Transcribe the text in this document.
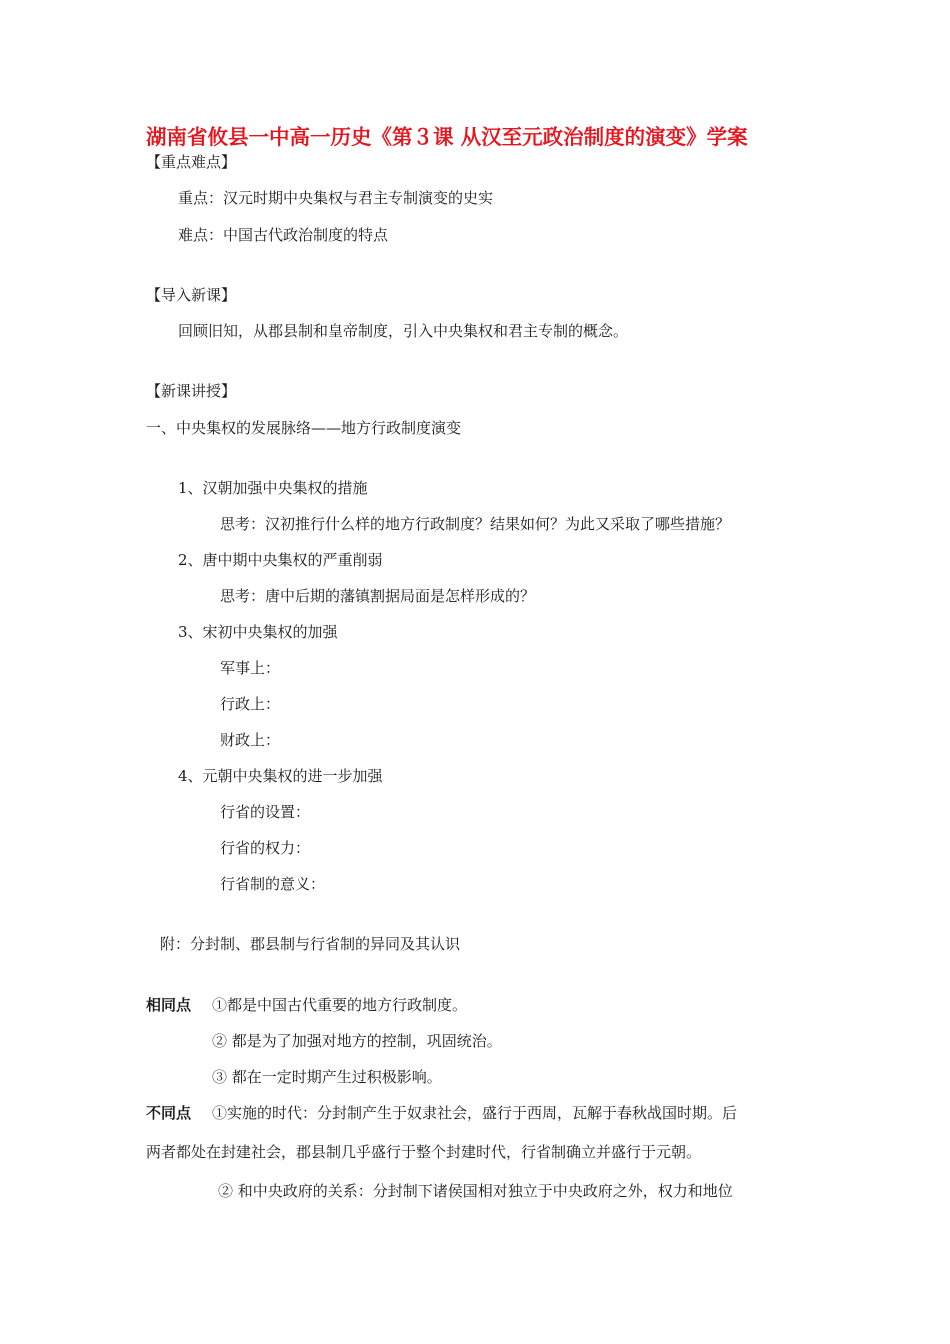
湖南省攸县一中高一历史《第３课 从汉至元政治制度的演变》学案
【重点难点】
重点：汉元时期中央集权与君主专制演变的史实
难点：中国古代政治制度的特点
【导入新课】
回顾旧知，从郡县制和皇帝制度，引入中央集权和君主专制的概念。
【新课讲授】
一、中央集权的发展脉络——地方行政制度演变
1、汉朝加强中央集权的措施
思考：汉初推行什么样的地方行政制度？结果如何？为此又采取了哪些措施？
2、唐中期中央集权的严重削弱
思考：唐中后期的藩镇割据局面是怎样形成的？
3、宋初中央集权的加强
军事上：
行政上：
财政上：
4、元朝中央集权的进一步加强
行省的设置：
行省的权力：
行省制的意义：
附：分封制、郡县制与行省制的异同及其认识
相同点 ①都是中国古代重要的地方行政制度。
② 都是为了加强对地方的控制，巩固统治。
③ 都在一定时期产生过积极影响。
不同点 ①实施的时代：分封制产生于奴隶社会，盛行于西周，瓦解于春秋战国时期。后
两者都处在封建社会，郡县制几乎盛行于整个封建时代，行省制确立并盛行于元朝。
② 和中央政府的关系：分封制下诸侯国相对独立于中央政府之外，权力和地位
